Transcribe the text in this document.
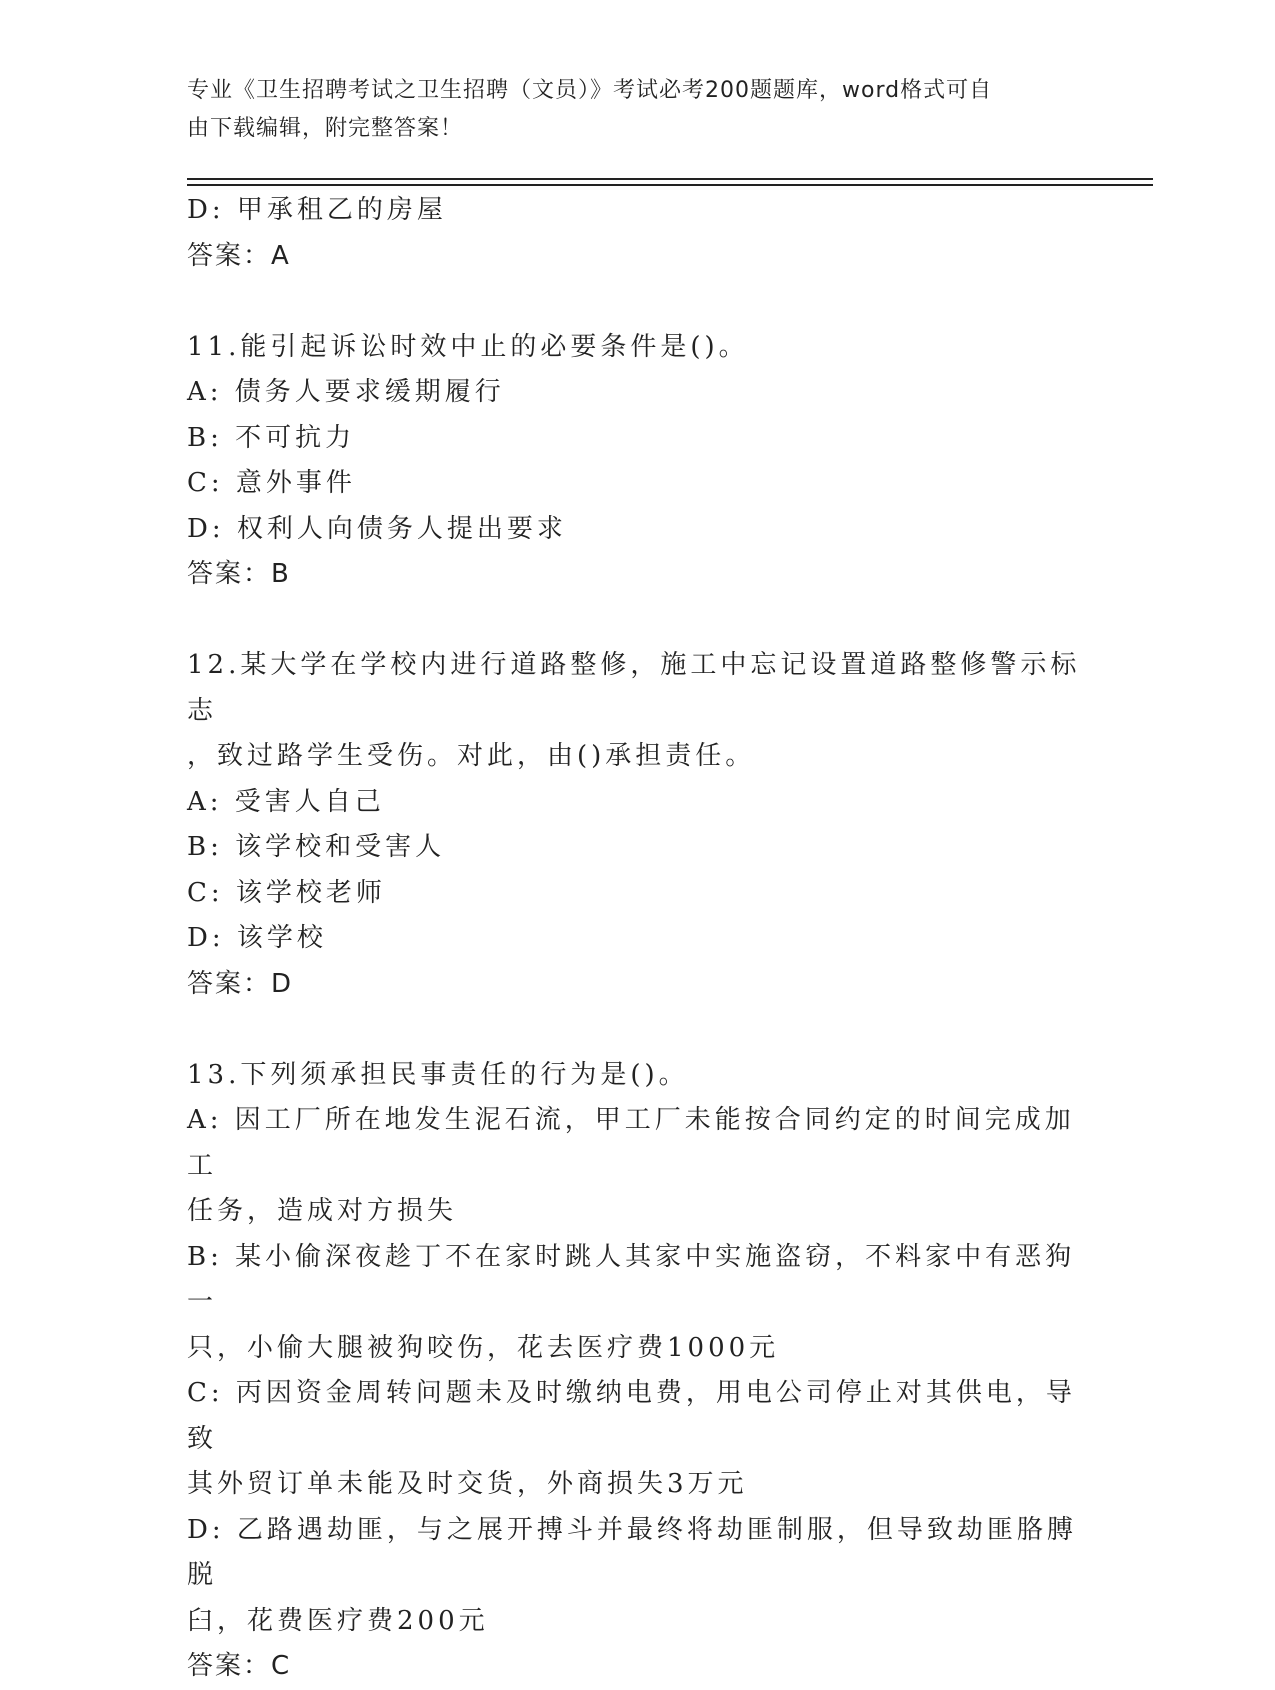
专业《卫生招聘考试之卫生招聘（文员）》考试必考200题题库，word格式可自
由下载编辑，附完整答案！

D: 甲承租乙的房屋

答案：A

11.能引起诉讼时效中止的必要条件是()。

A: 债务人要求缓期履行

B: 不可抗力

C: 意外事件

D: 权利人向债务人提出要求

答案：B

12.某大学在学校内进行道路整修，施工中忘记设置道路整修警示标志

，致过路学生受伤。对此，由()承担责任。

A: 受害人自己

B: 该学校和受害人

C: 该学校老师

D: 该学校

答案：D

13.下列须承担民事责任的行为是()。

A: 因工厂所在地发生泥石流，甲工厂未能按合同约定的时间完成加工

任务，造成对方损失

B: 某小偷深夜趁丁不在家时跳人其家中实施盗窃，不料家中有恶狗一

只，小偷大腿被狗咬伤，花去医疗费1000元

C: 丙因资金周转问题未及时缴纳电费，用电公司停止对其供电，导致

其外贸订单未能及时交货，外商损失3万元

D: 乙路遇劫匪，与之展开搏斗并最终将劫匪制服，但导致劫匪胳膊脱

臼，花费医疗费200元

答案：C
